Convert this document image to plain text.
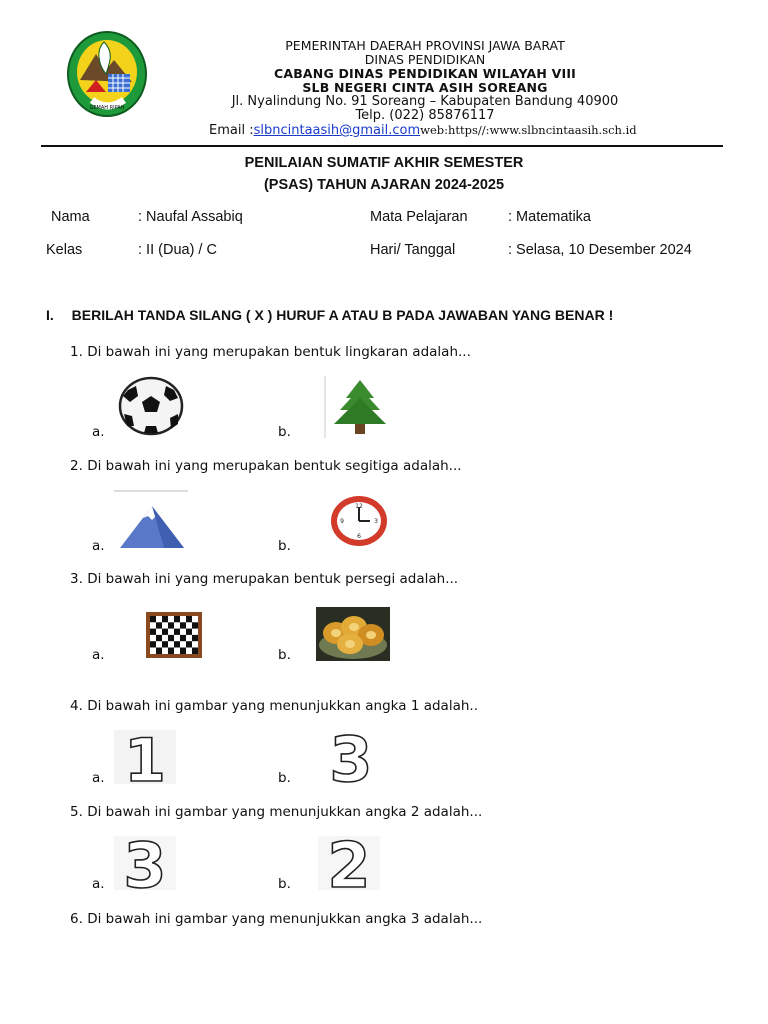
GEMAH RIPAH
PEMERINTAH DAERAH PROVINSI JAWA BARAT
DINAS PENDIDIKAN
CABANG DINAS PENDIDIKAN WILAYAH VIII
SLB NEGERI CINTA ASIH SOREANG
Jl. Nyalindung No. 91 Soreang – Kabupaten Bandung 40900
Telp. (022) 85876117
Email :slbncintaasih@gmail.comweb:https//:www.slbncintaasih.sch.id
PENILAIAN SUMATIF AKHIR SEMESTER
(PSAS) TAHUN AJARAN 2024-2025
Nama	: Naufal Assabiq	Mata Pelajaran	: Matematika
Kelas	: II (Dua) / C	Hari/ Tanggal	: Selasa, 10 Desember 2024
I. BERILAH TANDA SILANG ( X ) HURUF A ATAU B PADA JAWABAN YANG BENAR !
1. Di bawah ini yang merupakan bentuk lingkaran adalah...
a.	b.
2. Di bawah ini yang merupakan bentuk segitiga adalah...
a.	b.
12
3
6
9
3. Di bawah ini yang merupakan bentuk persegi adalah...
a.	b.
4. Di bawah ini gambar yang menunjukkan angka 1 adalah..
a. 1	b. 3
5. Di bawah ini gambar yang menunjukkan angka 2 adalah...
a. 3	b. 2
6. Di bawah ini gambar yang menunjukkan angka 3 adalah...
